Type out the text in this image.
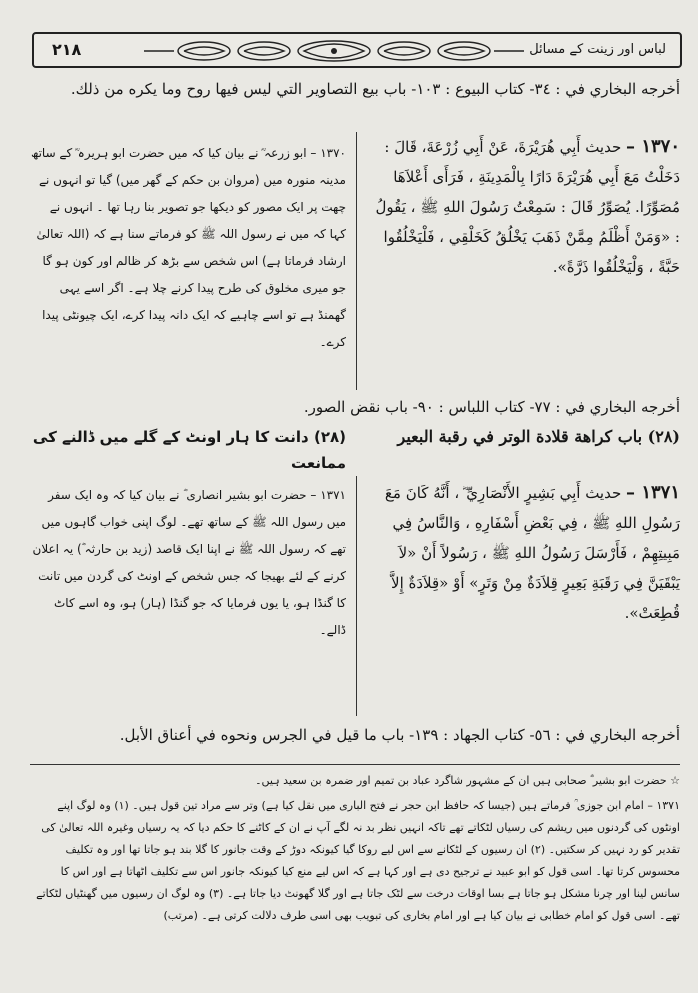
٢١٨	لباس اور زینت کے مسائل
أخرجه البخاري في : ٣٤- كتاب البيوع : ١٠٣- باب بيع التصاوير التي ليس فيها روح وما يكره من ذلك.
١٣٧٠ – حديث أَبِي هُرَيْرَةَ، عَنْ أَبِي زُرْعَةَ، قَالَ : دَخَلْتُ مَعَ أَبِي هُرَيْرَةَ دَارًا بِالْمَدِينَةِ ، فَرَأَى أَعْلاَهَا مُصَوِّرًا. يُصَوِّرُ قَالَ : سَمِعْتُ رَسُولَ اللهِ ﷺ ، يَقُولُ : «وَمَنْ أَظْلَمُ مِمَّنْ ذَهَبَ يَخْلُقُ كَخَلْقِي ، فَلْيَخْلُقُوا حَبَّةً ، وَلْيَخْلُقُوا ذَرَّةً».
۱۳۷۰ – ابو زرعہ ؓ نے بیان کیا کہ میں حضرت ابو ہریرہ ؓ کے ساتھ مدینہ منورہ میں (مروان بن حکم کے گھر میں) گیا تو انہوں نے چھت پر ایک مصور کو دیکھا جو تصویر بنا رہا تھا ۔ انہوں نے کہا کہ میں نے رسول اللہ ﷺ کو فرماتے سنا ہے کہ (اللہ تعالیٰ ارشاد فرماتا ہے) اس شخص سے بڑھ کر ظالم اور کون ہو گا جو میری مخلوق کی طرح پیدا کرنے چلا ہے۔ اگر اسے یہی گھمنڈ ہے تو اسے چاہیے کہ ایک دانہ پیدا کرے، ایک چیونٹی پیدا کرے۔
أخرجه البخاري في : ٧٧- كتاب اللباس : ٩٠- باب نقض الصور.
(٢٨) باب كراهة قلادة الوتر في رقبة البعير
(۲۸) دانت کا ہار اونٹ کے گلے میں ڈالنے کی ممانعت
١٣٧١ – حديث أَبِي بَشِيرٍ الأَنْصَارِيِّ ؓ ، أَنَّهُ كَانَ مَعَ رَسُولِ اللهِ ﷺ ، فِي بَعْضِ أَسْفَارِهِ ، وَالنَّاسُ فِي مَبِيتِهِمْ ، فَأَرْسَلَ رَسُولُ اللهِ ﷺ ، رَسُولاً أَنْ «لاَ يَبْقَيَنَّ فِي رَقَبَةِ بَعِيرٍ قِلاَدَةٌ مِنْ وَتَرٍ» أَوْ «قِلاَدَةٌ إِلاَّ قُطِعَتْ».
۱۳۷۱ – حضرت ابو بشیر انصاری ؓ نے بیان کیا کہ وہ ایک سفر میں رسول اللہ ﷺ کے ساتھ تھے۔ لوگ اپنی خواب گاہوں میں تھے کہ رسول اللہ ﷺ نے اپنا ایک قاصد (زید بن حارثہ ؓ) یہ اعلان کرنے کے لئے بھیجا کہ جس شخص کے اونٹ کی گردن میں تانت کا گنڈا ہو، یا یوں فرمایا کہ جو گنڈا (ہار) ہو، وہ اسے کاٹ ڈالے۔
أخرجه البخاري في : ٥٦- كتاب الجهاد : ١٣٩- باب ما قيل في الجرس ونحوه في أعناق الأبل.

☆ حضرت ابو بشیر ؓ صحابی ہیں ان کے مشہور شاگرد عباد بن تمیم اور ضمرہ بن سعید ہیں۔

۱۳۷۱ – امام ابن جوزی ؒ فرماتے ہیں (جیسا کہ حافظ ابن حجر نے فتح الباری میں نقل کیا ہے) وتر سے مراد تین قول ہیں۔ (۱) وہ لوگ اپنے اونٹوں کی گردنوں میں ریشم کی رسیاں لٹکاتے تھے تاکہ انہیں نظر بد نہ لگے آپ نے ان کے کاٹنے کا حکم دیا کہ یہ رسیاں وغیرہ اللہ تعالیٰ کی تقدیر کو رد نہیں کر سکتیں۔ (۲) ان رسیوں کے لٹکانے سے اس لیے روکا گیا کیونکہ دوڑ کے وقت جانور کا گلا بند ہو جاتا تھا اور وہ تکلیف محسوس کرتا تھا۔ اسی قول کو ابو عبید نے ترجیح دی ہے اور کہا ہے کہ اس لیے منع کیا کیونکہ جانور اس سے تکلیف اٹھاتا ہے اور اس کا سانس لینا اور چرنا مشکل ہو جاتا ہے بسا اوقات درخت سے لٹک جاتا ہے اور گلا گھونٹ دیا جاتا ہے۔ (۳) وہ لوگ ان رسیوں میں گھنٹیاں لٹکاتے تھے۔ اسی قول کو امام خطابی نے بیان کیا ہے اور امام بخاری کی تبویب بھی اسی طرف دلالت کرتی ہے۔ (مرتب)
